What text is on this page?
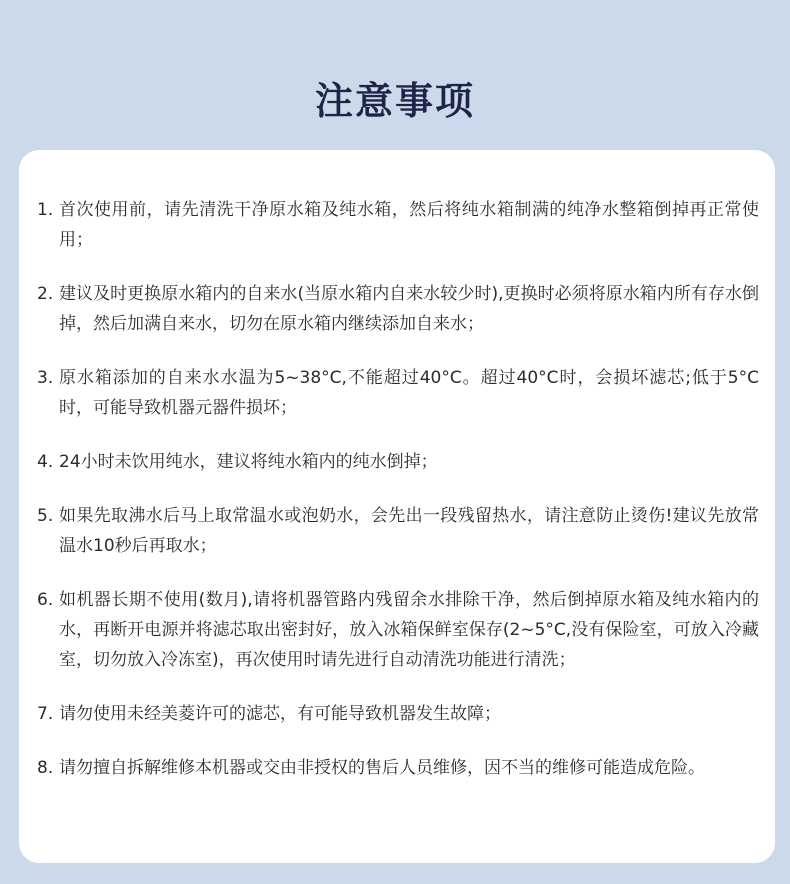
注意事项
1. 首次使用前，请先清洗干净原水箱及纯水箱，然后将纯水箱制满的纯净水整箱倒掉再正常使用；
2. 建议及时更换原水箱内的自来水(当原水箱内自来水较少时),更换时必须将原水箱内所有存水倒掉，然后加满自来水，切勿在原水箱内继续添加自来水；
3. 原水箱添加的自来水水温为5~38°C,不能超过40°C。超过40°C时，会损坏滤芯;低于5°C时，可能导致机器元器件损坏；
4. 24小时未饮用纯水，建议将纯水箱内的纯水倒掉；
5. 如果先取沸水后马上取常温水或泡奶水，会先出一段残留热水，请注意防止烫伤!建议先放常温水10秒后再取水；
6. 如机器长期不使用(数月),请将机器管路内残留余水排除干净，然后倒掉原水箱及纯水箱内的水，再断开电源并将滤芯取出密封好，放入冰箱保鲜室保存(2~5°C,没有保险室，可放入冷藏室，切勿放入冷冻室)，再次使用时请先进行自动清洗功能进行清洗；
7. 请勿使用未经美菱许可的滤芯，有可能导致机器发生故障；
8. 请勿擅自拆解维修本机器或交由非授权的售后人员维修，因不当的维修可能造成危险。
